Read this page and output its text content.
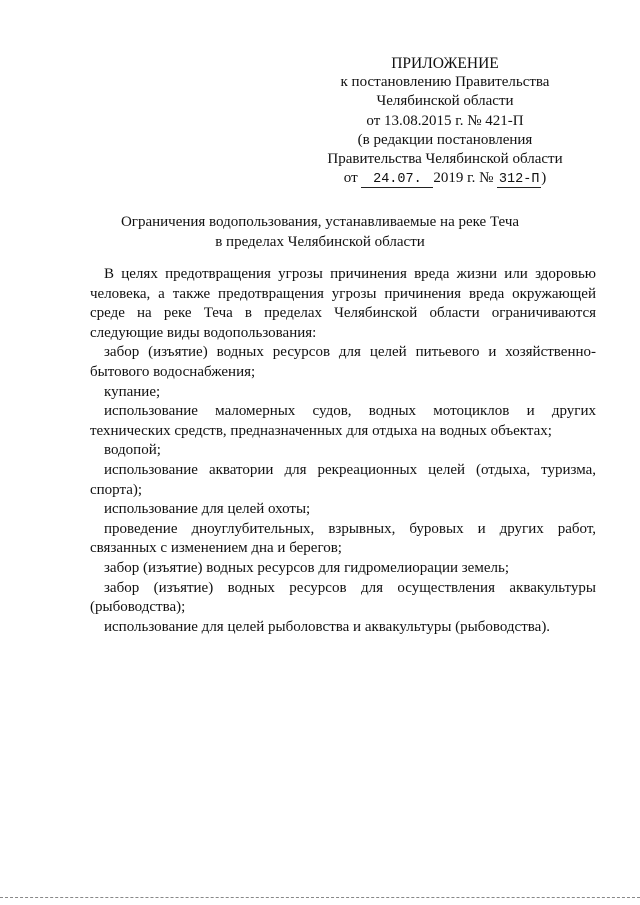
ПРИЛОЖЕНИЕ
к постановлению Правительства
Челябинской области
от 13.08.2015 г. № 421-П
(в редакции постановления
Правительства Челябинской области
от 24.07. 2019 г. № 312-П )
Ограничения водопользования, устанавливаемые на реке Теча
в пределах Челябинской области

В целях предотвращения угрозы причинения вреда жизни или здоровью человека, а также предотвращения угрозы причинения вреда окружающей среде на реке Теча в пределах Челябинской области ограничиваются следующие виды водопользования:

забор (изъятие) водных ресурсов для целей питьевого и хозяйственно-бытового водоснабжения;

купание;

использование маломерных судов, водных мотоциклов и других технических средств, предназначенных для отдыха на водных объектах;

водопой;

использование акватории для рекреационных целей (отдыха, туризма, спорта);

использование для целей охоты;

проведение дноуглубительных, взрывных, буровых и других работ, связанных с изменением дна и берегов;

забор (изъятие) водных ресурсов для гидромелиорации земель;

забор (изъятие) водных ресурсов для осуществления аквакультуры (рыбоводства);

использование для целей рыболовства и аквакультуры (рыбоводства).
